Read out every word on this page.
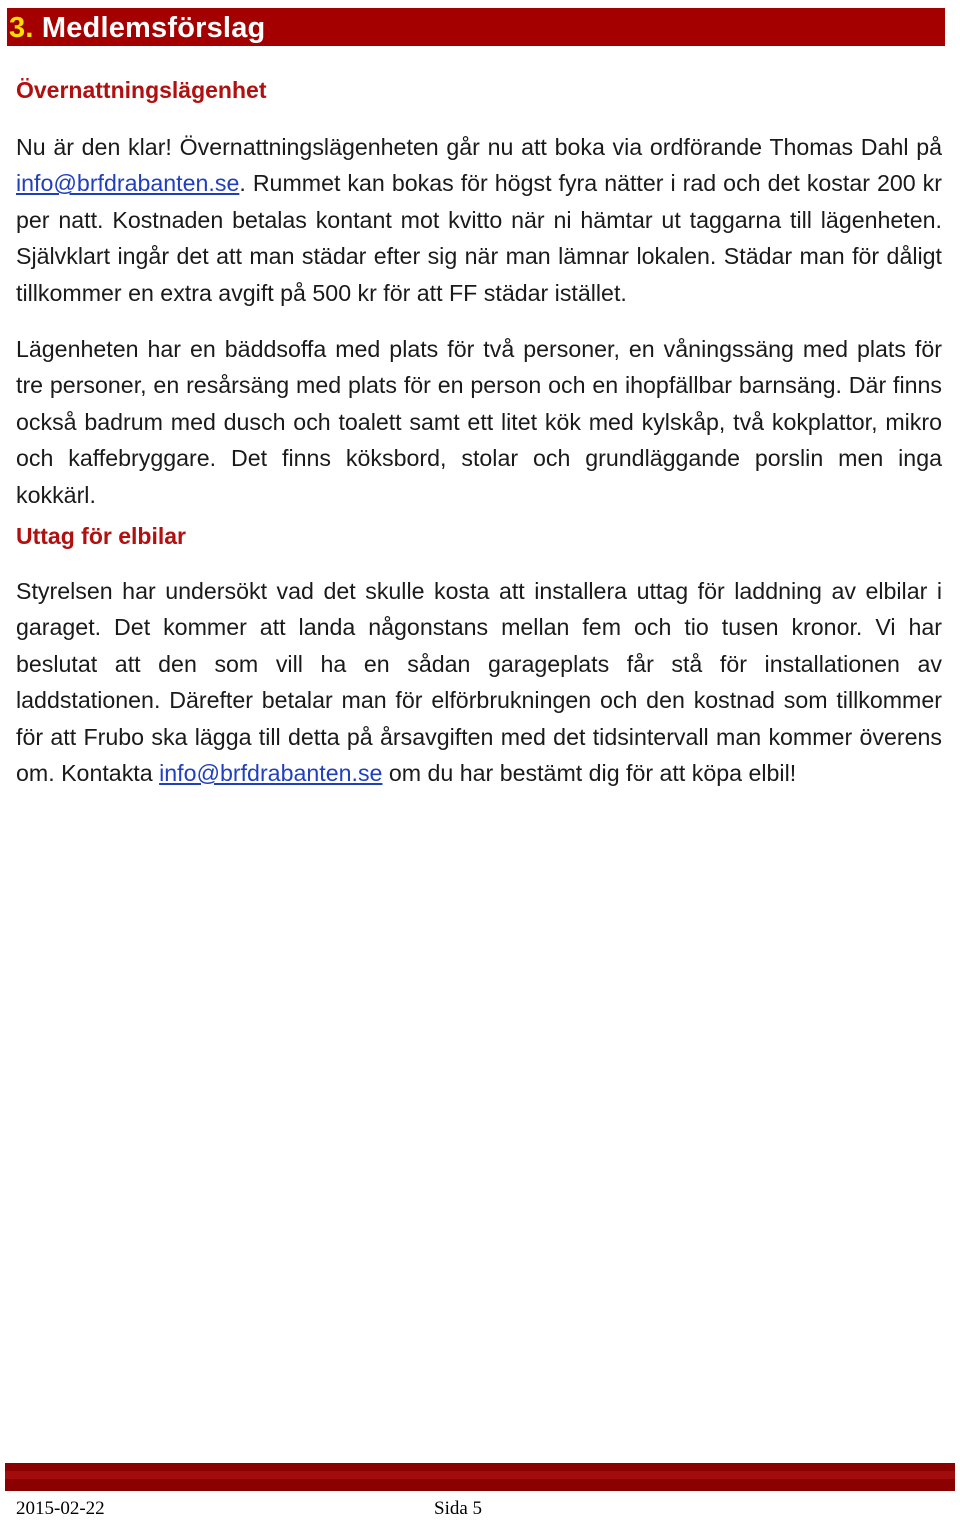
3. Medlemsförslag
Övernattningslägenhet

Nu är den klar! Övernattningslägenheten går nu att boka via ordförande Thomas Dahl på info@brfdrabanten.se. Rummet kan bokas för högst fyra nätter i rad och det kostar 200 kr per natt. Kostnaden betalas kontant mot kvitto när ni hämtar ut taggarna till lägenheten. Självklart ingår det att man städar efter sig när man lämnar lokalen. Städar man för dåligt tillkommer en extra avgift på 500 kr för att FF städar istället.

Lägenheten har en bäddsoffa med plats för två personer, en våningssäng med plats för tre personer, en resårsäng med plats för en person och en ihopfällbar barnsäng. Där finns också badrum med dusch och toalett samt ett litet kök med kylskåp, två kokplattor, mikro och kaffebryggare. Det finns köksbord, stolar och grundläggande porslin men inga kokkärl.

Uttag för elbilar

Styrelsen har undersökt vad det skulle kosta att installera uttag för laddning av elbilar i garaget. Det kommer att landa någonstans mellan fem och tio tusen kronor. Vi har beslutat att den som vill ha en sådan garageplats får stå för installationen av laddstationen. Därefter betalar man för elförbrukningen och den kostnad som tillkommer för att Frubo ska lägga till detta på årsavgiften med det tidsintervall man kommer överens om. Kontakta info@brfdrabanten.se om du har bestämt dig för att köpa elbil!

2015-02-22	Sida 5
